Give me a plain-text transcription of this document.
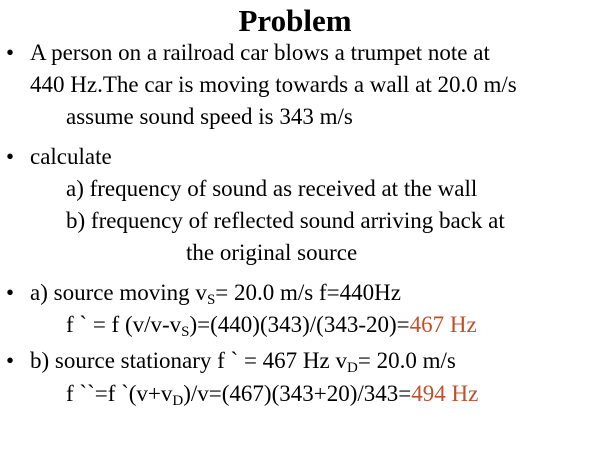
Problem
• A person on a railroad car blows a trumpet note at
440 Hz.The car is moving towards a wall at 20.0 m/s
assume sound speed is 343 m/s
• calculate
a) frequency of sound as received at the wall
b) frequency of reflected sound arriving back at
the original source
• a) source moving $v_S= 20.0$ m/s f=440Hz
f ` = f $(v/v-v_S)=(440)(343)/(343-20)=467$ Hz
• b) source stationary f ` = 467 Hz $v_D= 20.0$ m/s
f ``=f $`(v+v_D)/v=(467)(343+20)/343=494$ Hz
